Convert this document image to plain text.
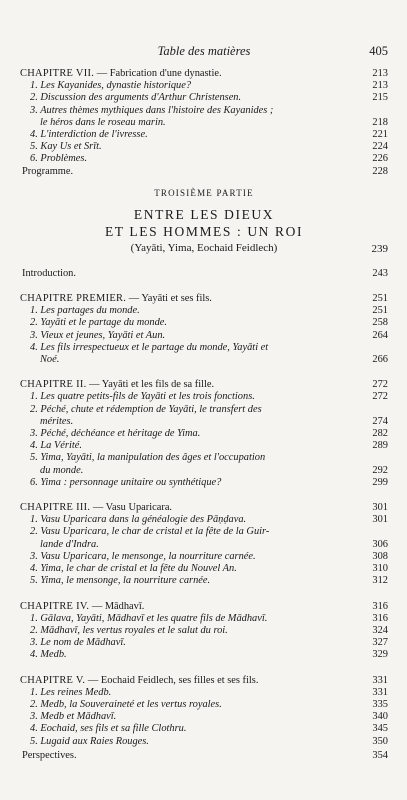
Table des matières	405
CHAPITRE VII. — Fabrication d'une dynastie.	213
1. Les Kayanides, dynastie historique?	213
2. Discussion des arguments d'Arthur Christensen.	215
3. Autres thèmes mythiques dans l'histoire des Kayanides ;
le héros dans le roseau marin.	218
4. L'interdiction de l'ivresse.	221
5. Kay Us et Srīt.	224
6. Problèmes.	226
Programme.	228
TROISIÈME PARTIE
ENTRE LES DIEUX
ET LES HOMMES : UN ROI
(Yayāti, Yima, Eochaid Feidlech)	239
Introduction.	243
CHAPITRE PREMIER. — Yayāti et ses fils.	251
1. Les partages du monde.	251
2. Yayāti et le partage du monde.	258
3. Vieux et jeunes, Yayāti et Aun.	264
4. Les fils irrespectueux et le partage du monde, Yayāti et
Noé.	266
CHAPITRE II. — Yayāti et les fils de sa fille.	272
1. Les quatre petits-fils de Yayāti et les trois fonctions.	272
2. Péché, chute et rédemption de Yayāti, le transfert des
mérites.	274
3. Péché, déchéance et héritage de Yima.	282
4. La Vérité.	289
5. Yima, Yayāti, la manipulation des âges et l'occupation
du monde.	292
6. Yima : personnage unitaire ou synthétique?	299
CHAPITRE III. — Vasu Uparicara.	301
1. Vasu Uparicara dans la généalogie des Pāṇḍava.	301
2. Vasu Uparicara, le char de cristal et la fête de la Guir-
lande d'Indra.	306
3. Vasu Uparicara, le mensonge, la nourriture carnée.	308
4. Yima, le char de cristal et la fête du Nouvel An.	310
5. Yima, le mensonge, la nourriture carnée.	312
CHAPITRE IV. — Mādhavī.	316
1. Gālava, Yayāti, Mādhavī et les quatre fils de Mādhavī.	316
2. Mādhavī, les vertus royales et le salut du roi.	324
3. Le nom de Mādhavī.	327
4. Medb.	329
CHAPITRE V. — Eochaid Feidlech, ses filles et ses fils.	331
1. Les reines Medb.	331
2. Medb, la Souveraineté et les vertus royales.	335
3. Medb et Mādhavī.	340
4. Eochaid, ses fils et sa fille Clothru.	345
5. Lugaid aux Raies Rouges.	350
Perspectives.	354
